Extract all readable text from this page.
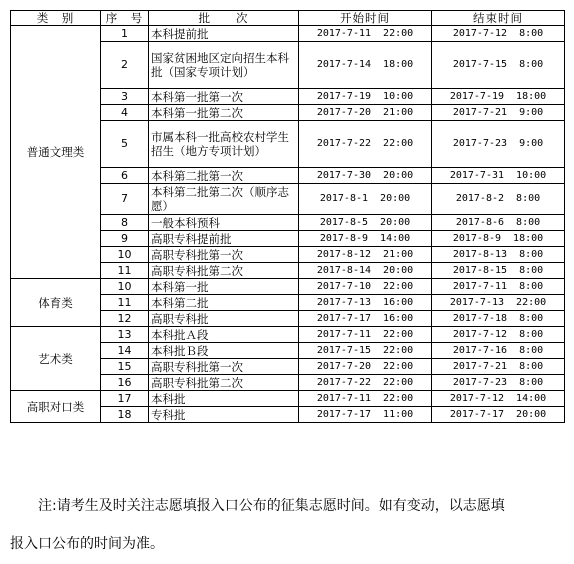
类　别	序　号	批　　次	开始时间	结束时间
普通文理类	1	本科提前批	2017-7-11  22:00	2017-7-12  8:00
	2	国家贫困地区定向招生本科批（国家专项计划）	2017-7-14  18:00	2017-7-15  8:00
	3	本科第一批第一次	2017-7-19  10:00	2017-7-19  18:00
	4	本科第一批第二次	2017-7-20  21:00	2017-7-21  9:00
	5	市属本科一批高校农村学生招生（地方专项计划）	2017-7-22  22:00	2017-7-23  9:00
	6	本科第二批第一次	2017-7-30  20:00	2017-7-31  10:00
	7	本科第二批第二次（顺序志愿）	2017-8-1  20:00	2017-8-2  8:00
	8	一般本科预科	2017-8-5  20:00	2017-8-6  8:00
	9	高职专科提前批	2017-8-9  14:00	2017-8-9  18:00
	10	高职专科批第一次	2017-8-12  21:00	2017-8-13  8:00
	11	高职专科批第二次	2017-8-14  20:00	2017-8-15  8:00
体育类	10	本科第一批	2017-7-10  22:00	2017-7-11  8:00
	11	本科第二批	2017-7-13  16:00	2017-7-13  22:00
	12	高职专科批	2017-7-17  16:00	2017-7-18  8:00
艺术类	13	本科批Ａ段	2017-7-11  22:00	2017-7-12  8:00
	14	本科批Ｂ段	2017-7-15  22:00	2017-7-16  8:00
	15	高职专科批第一次	2017-7-20  22:00	2017-7-21  8:00
	16	高职专科批第二次	2017-7-22  22:00	2017-7-23  8:00
高职对口类	17	本科批	2017-7-11  22:00	2017-7-12  14:00
	18	专科批	2017-7-17  11:00	2017-7-17  20:00

注:请考生及时关注志愿填报入口公布的征集志愿时间。如有变动，以志愿填
报入口公布的时间为准。
